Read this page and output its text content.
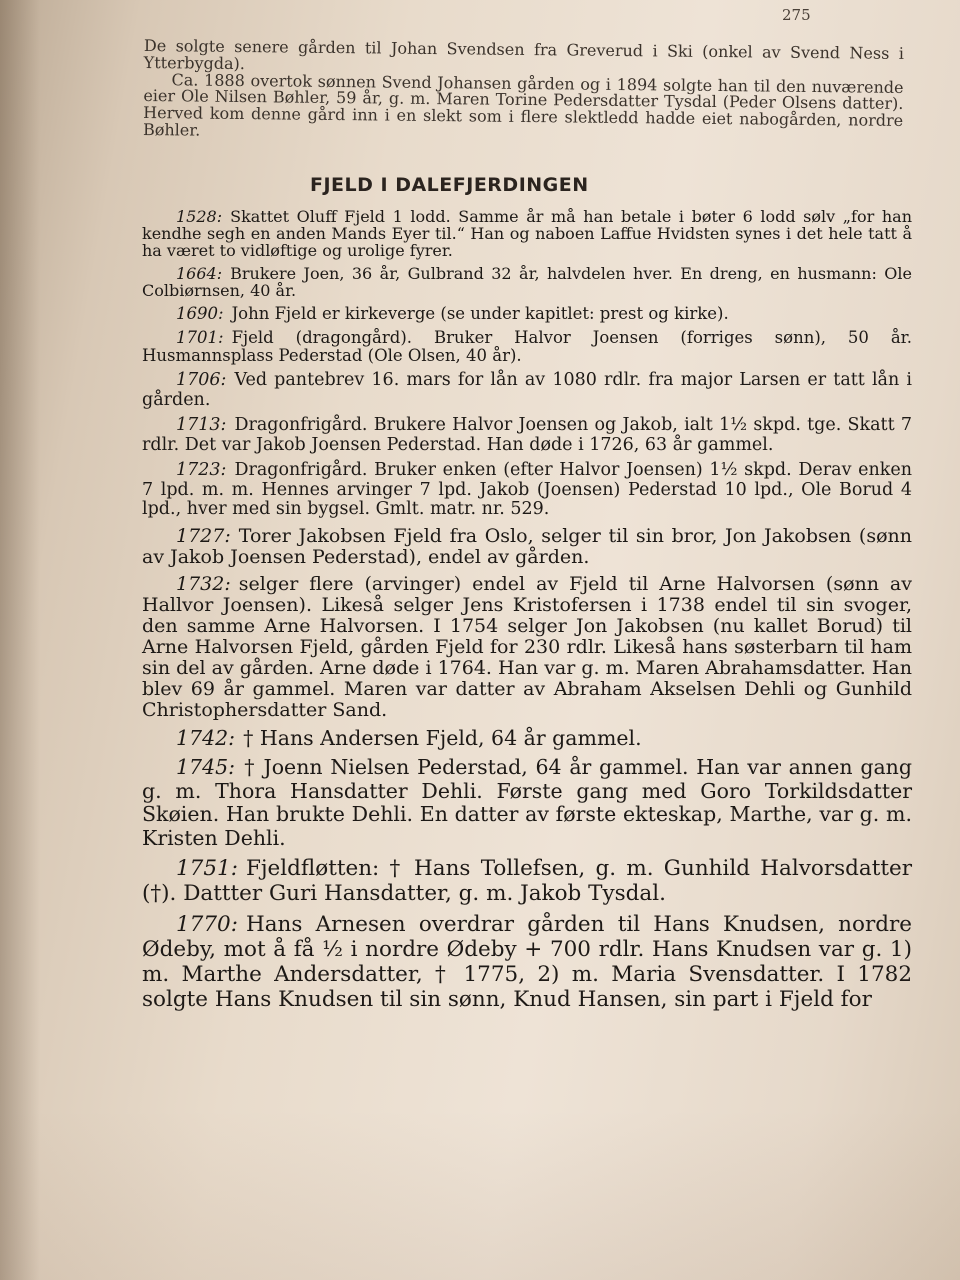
275

De solgte senere gården til Johan Svendsen fra Greverud i Ski (onkel av Svend Ness i Ytterbygda).

Ca. 1888 overtok sønnen Svend Johansen gården og i 1894 solgte han til den nuværende eier Ole Nilsen Bøhler, 59 år, g. m. Maren Torine Pedersdatter Tysdal (Peder Olsens datter). Herved kom denne gård inn i en slekt som i flere slektledd hadde eiet nabogården, nordre Bøhler.

FJELD I DALEFJERDINGEN

1528: Skattet Oluff Fjeld 1 lodd. Samme år må han betale i bøter 6 lodd sølv „for han kendhe segh en anden Mands Eyer til.“ Han og naboen Laffue Hvidsten synes i det hele tatt å ha været to vidløftige og urolige fyrer.

1664: Brukere Joen, 36 år, Gulbrand 32 år, halvdelen hver. En dreng, en husmann: Ole Colbiørnsen, 40 år.

1690: John Fjeld er kirkeverge (se under kapitlet: prest og kirke).

1701: Fjeld (dragongård). Bruker Halvor Joensen (forriges sønn), 50 år. Husmannsplass Pederstad (Ole Olsen, 40 år).

1706: Ved pantebrev 16. mars for lån av 1080 rdlr. fra major Larsen er tatt lån i gården.

1713: Dragonfrigård. Brukere Halvor Joensen og Jakob, ialt 1½ skpd. tge. Skatt 7 rdlr. Det var Jakob Joensen Pederstad. Han døde i 1726, 63 år gammel.

1723: Dragonfrigård. Bruker enken (efter Halvor Joensen) 1½ skpd. Derav enken 7 lpd. m. m. Hennes arvinger 7 lpd. Jakob (Joensen) Pederstad 10 lpd., Ole Borud 4 lpd., hver med sin bygsel. Gmlt. matr. nr. 529.

1727: Torer Jakobsen Fjeld fra Oslo, selger til sin bror, Jon Jakobsen (sønn av Jakob Joensen Pederstad), endel av gården.

1732: selger flere (arvinger) endel av Fjeld til Arne Halvorsen (sønn av Hallvor Joensen). Likeså selger Jens Kristofersen i 1738 endel til sin svoger, den samme Arne Halvorsen. I 1754 selger Jon Jakobsen (nu kallet Borud) til Arne Halvorsen Fjeld, gården Fjeld for 230 rdlr. Likeså hans søsterbarn til ham sin del av gården. Arne døde i 1764. Han var g. m. Maren Abrahamsdatter. Han blev 69 år gammel. Maren var datter av Abraham Akselsen Dehli og Gunhild Christophersdatter Sand.

1742: † Hans Andersen Fjeld, 64 år gammel.

1745: † Joenn Nielsen Pederstad, 64 år gammel. Han var annen gang g. m. Thora Hansdatter Dehli. Første gang med Goro Torkildsdatter Skøien. Han brukte Dehli. En datter av første ekteskap, Marthe, var g. m. Kristen Dehli.

1751: Fjeldfløtten: † Hans Tollefsen, g. m. Gunhild Halvorsdatter (†). Dattter Guri Hansdatter, g. m. Jakob Tysdal.

1770: Hans Arnesen overdrar gården til Hans Knudsen, nordre Ødeby, mot å få ½ i nordre Ødeby + 700 rdlr. Hans Knudsen var g. 1) m. Marthe Andersdatter, † 1775, 2) m. Maria Svensdatter. I 1782 solgte Hans Knudsen til sin sønn, Knud Hansen, sin part i Fjeld for
